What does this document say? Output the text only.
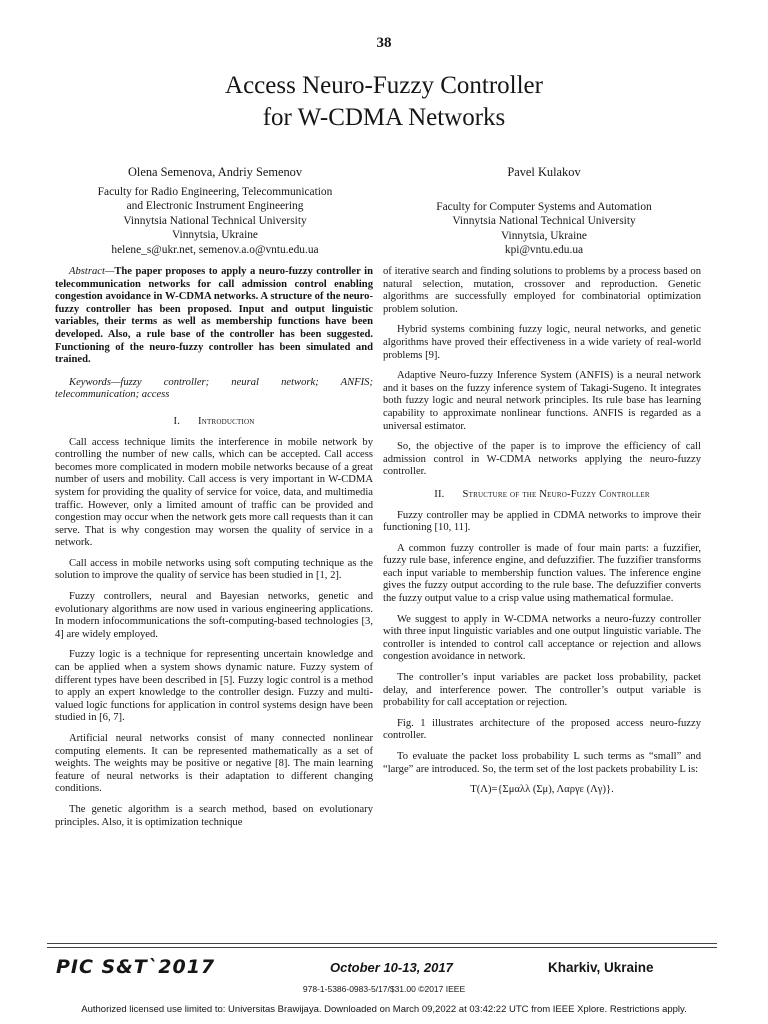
38
Access Neuro-Fuzzy Controller
for W-CDMA Networks
Olena Semenova, Andriy Semenov
Faculty for Radio Engineering, Telecommunication
and Electronic Instrument Engineering
Vinnytsia National Technical University
Vinnytsia, Ukraine
helene_s@ukr.net, semenov.a.o@vntu.edu.ua
Pavel Kulakov
Faculty for Computer Systems and Automation
Vinnytsia National Technical University
Vinnytsia, Ukraine
kpi@vntu.edu.ua

Abstract—The paper proposes to apply a neuro-fuzzy controller in telecommunication networks for call admission control enabling congestion avoidance in W-CDMA networks. A structure of the neuro-fuzzy controller has been proposed. Input and output linguistic variables, their terms as well as membership functions have been developed. Also, a rule base of the controller has been suggested. Functioning of the neuro-fuzzy controller has been simulated and trained.

Keywords—fuzzy controller; neural network; ANFIS; telecommunication; access

I. Introduction

Call access technique limits the interference in mobile network by controlling the number of new calls, which can be accepted. Call access becomes more complicated in modern mobile networks because of a great number of users and mobility. Call access is very important in W-CDMA system for providing the quality of service for voice, data, and multimedia traffic. However, only a limited amount of traffic can be provided and congestion may occur when the network gets more call requests than it can serve. That is why congestion may worsen the quality of service in a network.

Call access in mobile networks using soft computing technique as the solution to improve the quality of service has been studied in [1, 2].

Fuzzy controllers, neural and Bayesian networks, genetic and evolutionary algorithms are now used in various engineering applications. In modern infocommunications the soft-computing-based technologies [3, 4] are widely employed.

Fuzzy logic is a technique for representing uncertain knowledge and can be applied when a system shows dynamic nature. Fuzzy system of different types have been described in [5]. Fuzzy logic control is a method to apply an expert knowledge to the controller design. Fuzzy and multi-valued logic functions for application in control systems design have been studied in [6, 7].

Artificial neural networks consist of many connected nonlinear computing elements. It can be represented mathematically as a set of weights. The weights may be positive or negative [8]. The main learning feature of neural networks is their adaptation to different changing conditions.

The genetic algorithm is a search method, based on evolutionary principles. Also, it is optimization technique

of iterative search and finding solutions to problems by a process based on natural selection, mutation, crossover and reproduction. Genetic algorithms are successfully employed for combinatorial optimization problem solution.

Hybrid systems combining fuzzy logic, neural networks, and genetic algorithms have proved their effectiveness in a wide variety of real-world problems [9].

Adaptive Neuro-fuzzy Inference System (ANFIS) is a neural network and it bases on the fuzzy inference system of Takagi-Sugeno. It integrates both fuzzy logic and neural network principles. Its rule base has learning capability to approximate nonlinear functions. ANFIS is regarded as a universal estimator.

So, the objective of the paper is to improve the efficiency of call admission control in W-CDMA networks applying the neuro-fuzzy controller.

II. Structure of the Neuro-Fuzzy Controller

Fuzzy controller may be applied in CDMA networks to improve their functioning [10, 11].

A common fuzzy controller is made of four main parts: a fuzzifier, fuzzy rule base, inference engine, and defuzzifier. The fuzzifier transforms each input variable to membership function values. The inference engine gives the fuzzy output according to the rule base. The defuzzifier converts the fuzzy output value to a crisp value using mathematical formulae.

We suggest to apply in W-CDMA networks a neuro-fuzzy controller with three input linguistic variables and one output linguistic variable. The controller is intended to control call acceptance or rejection and allows congestion avoidance in network.

The controller’s input variables are packet loss probability, packet delay, and interference power. The controller’s output variable is probability for call acceptation or rejection.

Fig. 1 illustrates architecture of the proposed access neuro-fuzzy controller.

To evaluate the packet loss probability L such terms as “small” and “large” are introduced. So, the term set of the lost packets probability L is:

T(Λ)={Σμαλλ (Σμ), Λαργε (Λγ)}.

PIC S&T`2017	October 10-13, 2017	Kharkiv, Ukraine
978-1-5386-0983-5/17/$31.00 ©2017 IEEE
Authorized licensed use limited to: Universitas Brawijaya. Downloaded on March 09,2022 at 03:42:22 UTC from IEEE Xplore. Restrictions apply.
